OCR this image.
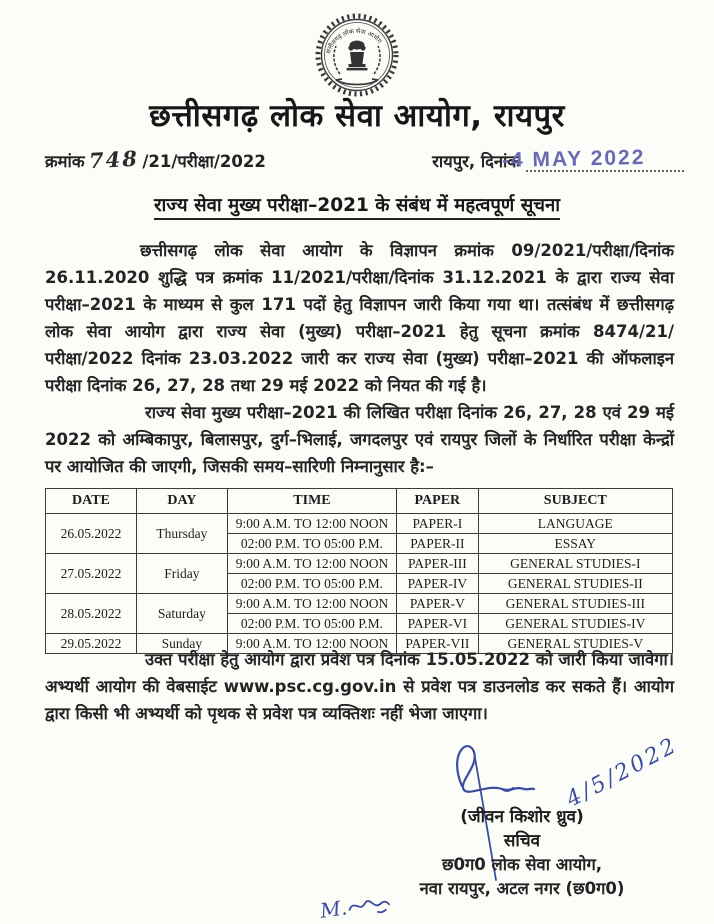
छत्तीसगढ़ लोक सेवा आयोग
छत्तीसगढ़ लोक सेवा आयोग, रायपुर
क्रमांक 748 /21/परीक्षा/2022	रायपुर, दिनांक
-4 MAY 2022
राज्य सेवा मुख्य परीक्षा–2021 के संबंध में महत्वपूर्ण सूचना

छत्तीसगढ़ लोक सेवा आयोग के विज्ञापन क्रमांक 09/2021/परीक्षा/दिनांक 26.11.2020 शुद्धि पत्र क्रमांक 11/2021/परीक्षा/दिनांक 31.12.2021 के द्वारा राज्य सेवा परीक्षा–2021 के माध्यम से कुल 171 पदों हेतु विज्ञापन जारी किया गया था। तत्संबंध में छत्तीसगढ़ लोक सेवा आयोग द्वारा राज्य सेवा (मुख्य) परीक्षा–2021 हेतु सूचना क्रमांक 8474/21/परीक्षा/2022 दिनांक 23.03.2022 जारी कर राज्य सेवा (मुख्य) परीक्षा–2021 की ऑफलाइन परीक्षा दिनांक 26, 27, 28 तथा 29 मई 2022 को नियत की गई है।

राज्य सेवा मुख्य परीक्षा–2021 की लिखित परीक्षा दिनांक 26, 27, 28 एवं 29 मई 2022 को अम्बिकापुर, बिलासपुर, दुर्ग–भिलाई, जगदलपुर एवं रायपुर जिलों के निर्धारित परीक्षा केन्द्रों पर आयोजित की जाएगी, जिसकी समय–सारिणी निम्नानुसार है:–

DATE	DAY	TIME	PAPER	SUBJECT
26.05.2022	Thursday	9:00 A.M. TO 12:00 NOON	PAPER-I	LANGUAGE
		02:00 P.M. TO 05:00 P.M.	PAPER-II	ESSAY
27.05.2022	Friday	9:00 A.M. TO 12:00 NOON	PAPER-III	GENERAL STUDIES-I
		02:00 P.M. TO 05:00 P.M.	PAPER-IV	GENERAL STUDIES-II
28.05.2022	Saturday	9:00 A.M. TO 12:00 NOON	PAPER-V	GENERAL STUDIES-III
		02:00 P.M. TO 05:00 P.M.	PAPER-VI	GENERAL STUDIES-IV
29.05.2022	Sunday	9:00 A.M. TO 12:00 NOON	PAPER-VII	GENERAL STUDIES-V

उक्त परीक्षा हेतु आयोग द्वारा प्रवेश पत्र दिनांक 15.05.2022 को जारी किया जावेगा। अभ्यर्थी आयोग की वेबसाईट www.psc.cg.gov.in से प्रवेश पत्र डाउनलोड कर सकते हैं। आयोग द्वारा किसी भी अभ्यर्थी को पृथक से प्रवेश पत्र व्यक्तिशः नहीं भेजा जाएगा।

4/5/2022
(जीवन किशोर ध्रुव)
सचिव
छ0ग0 लोक सेवा आयोग,
नवा रायपुर, अटल नगर (छ0ग0)
M.
